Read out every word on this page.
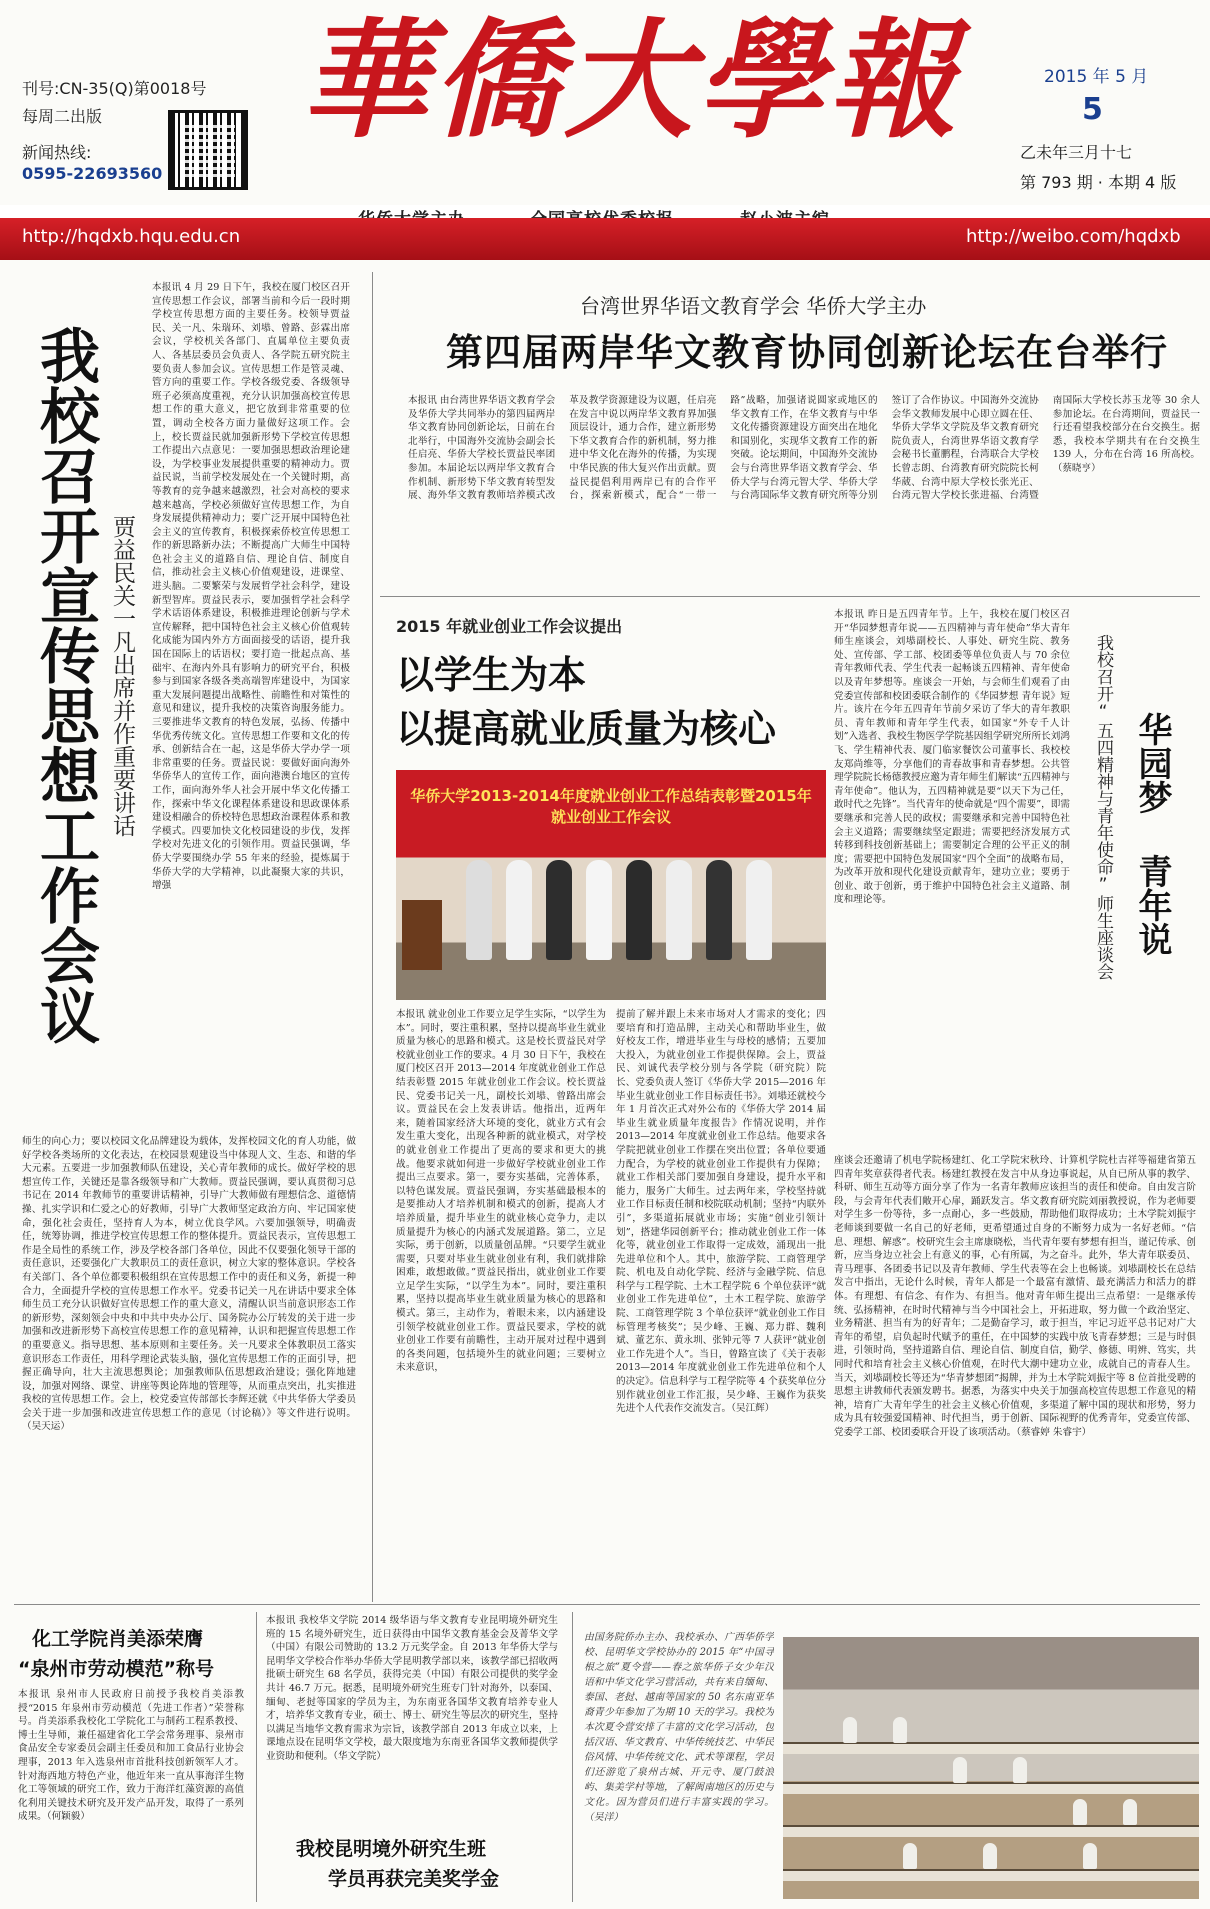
刊号:CN-35(Q)第0018号
每周二出版
新闻热线:
0595-22693560
華僑大學報	2015 年 5 月
5
乙未年三月十七
第 793 期 · 本期 4 版
http://hqdxb.hqu.edu.cn	http://weibo.com/hqdxb
我校召开宣传思想工作会议 贾益民关一凡出席并作重要讲话
本报讯 4 月 29 日下午，我校在厦门校区召开宣传思想工作会议，部署当前和今后一段时期学校宣传思想方面的主要任务。校领导贾益民、关一凡、朱瑞环、刘塨、曾路、彭霖出席会议，学校机关各部门、直属单位主要负责人、各基层委员会负责人、各学院五研究院主要负责人参加会议。宣传思想工作是管灵魂、管方向的重要工作。学校各级党委、各级领导班子必须高度重视，充分认识加强高校宣传思想工作的重大意义，把它放到非常重要的位置，调动全校各方面力量做好这项工作。会上，校长贾益民就加强新形势下学校宣传思想工作提出六点意见：一要加强思想政治理论建设，为学校事业发展提供重要的精神动力。贾益民说，当前学校发展处在一个关键时期，高等教育的竞争越来越激烈，社会对高校的要求越来越高，学校必须做好宣传思想工作，为自身发展提供精神动力；要广泛开展中国特色社会主义的宣传教育，积极探索侨校宣传思想工作的新思路新办法；不断提高广大师生中国特色社会主义的道路自信、理论自信、制度自信，推动社会主义核心价值观建设，进课堂、进头脑。二要繁荣与发展哲学社会科学，建设新型智库。贾益民表示，要加强哲学社会科学学术话语体系建设，积极推进理论创新与学术宣传解释，把中国特色社会主义核心价值观转化成能为国内外方方面面接受的话语，提升我国在国际上的话语权；要打造一批起点高、基础牢、在海内外具有影响力的研究平台，积极参与到国家各级各类高端智库建设中，为国家重大发展问题提出战略性、前瞻性和对策性的意见和建议，提升我校的决策咨询服务能力。三要推进华文教育的特色发展，弘扬、传播中华优秀传统文化。宣传思想工作要和文化的传承、创新结合在一起，这是华侨大学办学一项非常重要的任务。贾益民说：要做好面向海外华侨华人的宣传工作，面向港澳台地区的宣传工作，面向海外华人社会开展中华文化传播工作，探索中华文化课程体系建设和思政课体系建设相融合的侨校特色思想政治课程体系和教学模式。四要加快文化校园建设的步伐，发挥学校对先进文化的引领作用。贾益民强调，华侨大学要围绕办学 55 年来的经验，提炼属于华侨大学的大学精神，以此凝聚大家的共识，增强
师生的向心力；要以校园文化品牌建设为载体，发挥校园文化的育人功能，做好学校各类场所的文化表达，在校园景观建设当中体现人文、生态、和谐的华大元素。五要进一步加强教师队伍建设，关心青年教师的成长。做好学校的思想宣传工作，关键还是靠各级领导和广大教师。贾益民强调，要认真贯彻习总书记在 2014 年教师节的重要讲话精神，引导广大教师做有理想信念、道德情操、扎实学识和仁爱之心的好教师，引导广大教师坚定政治方向、牢记国家使命，强化社会责任，坚持育人为本，树立优良学风。六要加强领导，明确责任，统筹协调，推进学校宣传思想工作的整体提升。贾益民表示，宣传思想工作是全局性的系统工作，涉及学校各部门各单位，因此不仅要强化领导干部的责任意识，还要强化广大教职员工的责任意识，树立大家的整体意识。学校各有关部门、各个单位都要积极组织在宣传思想工作中的责任和义务，新提一种合力，全面提升学校的宣传思想工作水平。党委书记关一凡在讲话中要求全体师生员工充分认识做好宣传思想工作的重大意义，清醒认识当前意识形态工作的新形势，深刻领会中央和中共中央办公厅、国务院办公厅转发的关于进一步加强和改进新形势下高校宣传思想工作的意见精神，认识和把握宣传思想工作的重要意义。指导思想、基本原则和主要任务。关一凡要求全体教职员工落实意识形态工作责任，用科学理论武装头脑，强化宣传思想工作的正面引导，把握正确导向，壮大主流思想舆论；加强教师队伍思想政治建设；强化阵地建设，加强对网络、课堂、讲座等舆论阵地的管理等，从而重点突出，扎实推进我校的宣传思想工作。会上，校党委宣传部部长李辉还就《中共华侨大学委员会关于进一步加强和改进宣传思想工作的意见（讨论稿）》等文件进行说明。（吴天运）
台湾世界华语文教育学会 华侨大学主办
第四届两岸华文教育协同创新论坛在台举行
本报讯 由台湾世界华语文教育学会及华侨大学共同举办的第四届两岸华文教育协同创新论坛，日前在台北举行，中国海外交流协会副会长任启亮、华侨大学校长贾益民率团参加。本届论坛以两岸华文教育合作机制、新形势下华文教育转型发展、海外华文教育教师培养模式改革及教学资源建设为议题，任启亮在发言中说以两岸华文教育界加强顶层设计，通力合作，建立新形势下华文教育合作的新机制，努力推进中华文化在海外的传播，为实现中华民族的伟大复兴作出贡献。贾益民提倡利用两岸已有的合作平台，探索新模式，配合“一带一路”战略，加强诸说圆家或地区的华文教育工作，在华文教育与中华文化传播资源建设方面突出在地化和国别化，实现华文教育工作的新突破。论坛期间，中国海外交流协会与台湾世界华语文教育学会、华侨大学与台湾元智大学、华侨大学与台湾国际华文教育研究所等分别签订了合作协议。中国海外交流协会华文教师发展中心即立圆在任、华侨大学华文学院及华文教育研究院负责人，台湾世界华语文教育学会秘书长董鹏程，台湾联合大学校长曾志朗、台湾教育研究院院长柯华葳、台湾中原大学校长张光正、台湾元智大学校长张进福、台湾暨南国际大学校长苏玉龙等 30 余人参加论坛。在台湾期间，贾益民一行还看望我校部分在台交换生。据悉，我校本学期共有在台交换生 139 人，分布在台湾 16 所高校。（蔡晓亨）
2015 年就业创业工作会议提出
以学生为本
以提高就业质量为核心
华侨大学2013-2014年度就业创业工作总结表彰暨2015年就业创业工作会议
本报讯 就业创业工作要立足学生实际，“以学生为本”。同时，要注重积累，坚持以提高毕业生就业质量为核心的思路和模式。这是校长贾益民对学校就业创业工作的要求。4 月 30 日下午，我校在厦门校区召开 2013—2014 年度就业创业工作总结表彰暨 2015 年就业创业工作会议。校长贾益民、党委书记关一凡，副校长刘塨、曾路出席会议。贾益民在会上发表讲话。他指出，近两年来，随着国家经济大环境的变化，就业方式有会发生重大变化，出现各种新的就业模式，对学校的就业创业工作提出了更高的要求和更大的挑战。他要求就如何进一步做好学校就业创业工作提出三点要求。第一，要夯实基础，完善体系，以特色谋发展。贾益民强调，夯实基础最根本的是要推动人才培养机制和模式的创新，提高人才培养质量，提升毕业生的就业核心竞争力，走以质量提升为核心的内涵式发展道路。第二，立足实际，勇于创新，以质量创品牌。“只要学生就业需要，只要对毕业生就业创业有利，我们就排除困难，敢想敢做。”贾益民指出，就业创业工作要立足学生实际，“以学生为本”。同时，要注重积累，坚持以提高毕业生就业质量为核心的思路和模式。第三，主动作为，着眼未来，以内涵建设引领学校就业创业工作。贾益民要求，学校的就业创业工作要有前瞻性，主动开展对过程中遇到的各类问题，包括境外生的就业问题；三要树立未来意识，
提前了解并跟上未来市场对人才需求的变化；四要培育和打造品牌，主动关心和帮助毕业生，做好校友工作，增进毕业生与母校的感情；五要加大投入，为就业创业工作提供保障。会上，贾益民、刘诚代表学校分别与各学院（研究院）院长、党委负责人签订《华侨大学 2015—2016 年毕业生就业创业工作目标责任书》。刘塨还就校今年 1 月首次正式对外公布的《华侨大学 2014 届毕业生就业质量年度报告》作情况说明，并作 2013—2014 年度就业创业工作总结。他要求各学院把就业创业工作摆在突出位置；各单位要通力配合，为学校的就业创业工作提供有力保障；就业工作相关部门要加强自身建设，提升水平和能力，服务广大师生。过去两年来，学校坚持就业工作目标责任制和校院联动机制；坚持“内联外引”，多渠道拓展就业市场；实施“创业引领计划”，搭建华园创新平台；推动就业创业工作一体化等，就业创业工作取得一定成效，涌现出一批先进单位和个人。其中，旅游学院、工商管理学院、机电及自动化学院、经济与金融学院、信息科学与工程学院、土木工程学院 6 个单位获评“就业创业工作先进单位”，土木工程学院、旅游学院、工商管理学院 3 个单位获评“就业创业工作目标管理考核奖”；吴少峰、王巍、郑力群、魏利斌、董艺东、黄永圳、张钟元等 7 人获评“就业创业工作先进个人”。当日，曾路宣读了《关于表彰 2013—2014 年度就业创业工作先进单位和个人的决定》。信息科学与工程学院等 4 个获奖单位分别作就业创业工作汇报，吴少峰、王巍作为获奖先进个人代表作交流发言。（吴江辉）
本报讯 昨日是五四青年节。上午，我校在厦门校区召开“华园梦想青年说——五四精神与青年使命”华大青年师生座谈会，刘塨副校长、人事处、研究生院、教务处、宣传部、学工部、校团委等单位负责人与 70 余位青年教师代表、学生代表一起畅谈五四精神、青年使命以及青年梦想等。座谈会一开始，与会师生们观看了由党委宣传部和校团委联合制作的《华园梦想 青年说》短片。该片在今年五四青年节前夕采访了华大的青年教职员、青年教师和青年学生代表，如国家“外专千人计划”入选者、我校生物医学学院基因组学研究所所长刘鸿飞、学生精神代表、厦门临家餐饮公司董事长、我校校友郑尚维等，分享他们的青春故事和青春梦想。公共管理学院院长杨德教授应邀为青年师生们解读“五四精神与青年使命”。他认为，五四精神就是要“以天下为己任，敢时代之先锋”。当代青年的使命就是“四个需要”，即需要继承和完善人民的政权；需要继承和完善中国特色社会主义道路；需要继续坚定跟进；需要把经济发展方式转移到科技创新基础上；需要制定合理的公平正义的制度；需要把中国特色发展国家“四个全面”的战略布局，为改革开放和现代化建设贡献青年，建功立业；要勇于创业、敢于创新，勇于维护中国特色社会主义道路、制度和理论等。	华园梦 青年说
我校召开“五四精神与青年使命”师生座谈会
座谈会还邀请了机电学院杨建红、化工学院宋秋玲、计算机学院杜吉祥等福建省第五四青年奖章获得者代表。杨建红教授在发言中从身边事说起，从自已所从事的教学、科研、师生互动等方面分享了作为一名青年教师应该担当的责任和使命。自由发言阶段，与会青年代表们敞开心扉，踊跃发言。华文教育研究院刘丽教授说，作为老师要对学生多一份等待，多一点耐心，多一些鼓励，帮助他们取得成功；土木学院刘振宇老师谈到要做一名自己的好老师，更希望通过自身的不断努力成为一名好老师。“信息、理想、解惑”。校研究生会主席康晓松，当代青年要有梦想有担当，谨记传承、创新，应当身边立社会上有意义的事，心有所属，为之奋斗。此外，华大青年联委员、青马理事、各团委书记以及青年教师、学生代表等在会上也畅谈。刘塨副校长在总结发言中指出，无论什么时候，青年人都是一个最富有激情、最充满活力和活力的群体。有理想、有信念、有作为、有担当。他对青年师生提出三点希望：一是继承传统、弘扬精神，在时时代精神与当今中国社会上，开拓进取，努力做一个政治坚定、业务精湛、担当有为的好青年；二是勤奋学习，敢于担当，牢记习近平总书记对广大青年的希望，启负起时代赋予的重任，在中国梦的实践中放飞青春梦想；三是与时俱进，引领时尚，坚持道路自信、理论自信、制度自信，勤学、修德、明辨、笃实，共同时代和培育社会主义核心价值观，在时代大潮中建功立业，成就自己的青春人生。当天，刘塨副校长等还为“华青梦想团”揭牌，并为土木学院刘振宇等 8 位首批受聘的思想主讲教师代表颁发聘书。据悉，为落实中央关于加强高校宣传思想工作意见的精神，培育广大青年学生的社会主义核心价值观，多渠道了解中国的现状和形势，努力成为具有较强爱国精神、时代担当，勇于创新、国际视野的优秀青年，党委宣传部、党委学工部、校团委联合开设了该项活动。（蔡睿婷 朱睿宇）
化工学院肖美添荣膺
“泉州市劳动模范”称号
本报讯 泉州市人民政府日前授予我校肖美添教授“2015 年泉州市劳动模范（先进工作者）”荣誉称号。肖美添系我校化工学院化工与制药工程系教授、博士生导师，兼任福建省化工学会常务理事、泉州市食品安全专家委员会副主任委员和加工食品行业协会理事，2013 年入选泉州市首批科技创新领军人才。针对海西地方特色产业，他近年来一直从事海洋生物化工等领域的研究工作，致力于海洋红藻资源的高值化利用关键技术研究及开发产品开发，取得了一系列成果。（何颖毅）
本报讯 我校华文学院 2014 级华语与华文教育专业昆明境外研究生班的 15 名境外研究生，近日获得由中国华文教育基金会及菁华文学（中国）有限公司赞助的 13.2 万元奖学金。自 2013 年华侨大学与昆明华文学校合作举办华侨大学昆明教学部以来，该教学部已招收两批硕士研究生 68 名学员，获得完美（中国）有限公司提供的奖学金共计 46.7 万元。据悉，昆明境外研究生班专门针对海外，以泰国、缅甸、老挝等国家的学员为主，为东南亚各国华文教育培养专业人才，培养华文教育专业，硕士、博士、研究生等层次的研究生，坚持以满足当地华文教育需求为宗旨，该教学部自 2013 年成立以来，上课地点设在昆明华文学校，最大限度地为东南亚各国华文教师提供学业资助和便利。（华文学院）
我校昆明境外研究生班
学员再获完美奖学金
由国务院侨办主办、我校承办、广西华侨学校、昆明华文学校协办的 2015 年“中国寻根之旅”夏令营——春之旅华侨子女少年汉语和中华文化学习营活动，共有来自缅甸、泰国、老挝、越南等国家的 50 名东南亚华裔青少年参加了为期 10 天的学习。我校为本次夏令营安排了丰富的文化学习活动，包括汉语、华文教育、中华传统技艺、中华民俗风情、中华传统文化、武术等课程，学员们还游览了泉州古城、开元寺、厦门鼓浪屿、集美学村等地，了解闽南地区的历史与文化。因为营员们进行丰富实践的学习。（吴洋）
